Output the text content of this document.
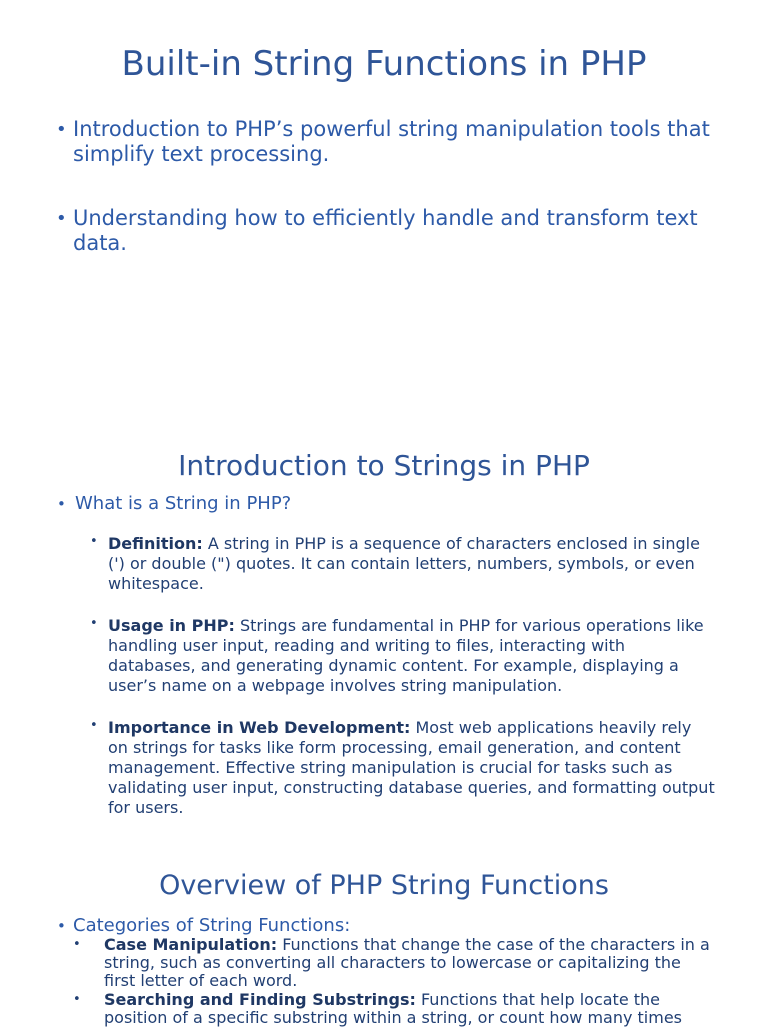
Built-in String Functions in PHP
• Introduction to PHP’s powerful string manipulation tools that simplify text processing.
• Understanding how to efficiently handle and transform text data.
Introduction to Strings in PHP
• What is a String in PHP?
• Definition: A string in PHP is a sequence of characters enclosed in single (') or double (") quotes. It can contain letters, numbers, symbols, or even whitespace.
• Usage in PHP: Strings are fundamental in PHP for various operations like handling user input, reading and writing to files, interacting with databases, and generating dynamic content. For example, displaying a user’s name on a webpage involves string manipulation.
• Importance in Web Development: Most web applications heavily rely on strings for tasks like form processing, email generation, and content management. Effective string manipulation is crucial for tasks such as validating user input, constructing database queries, and formatting output for users.
Overview of PHP String Functions
• Categories of String Functions:
•	Case Manipulation: Functions that change the case of the characters in a string, such as converting all characters to lowercase or capitalizing the first letter of each word.
•	Searching and Finding Substrings: Functions that help locate the position of a specific substring within a string, or count how many times
